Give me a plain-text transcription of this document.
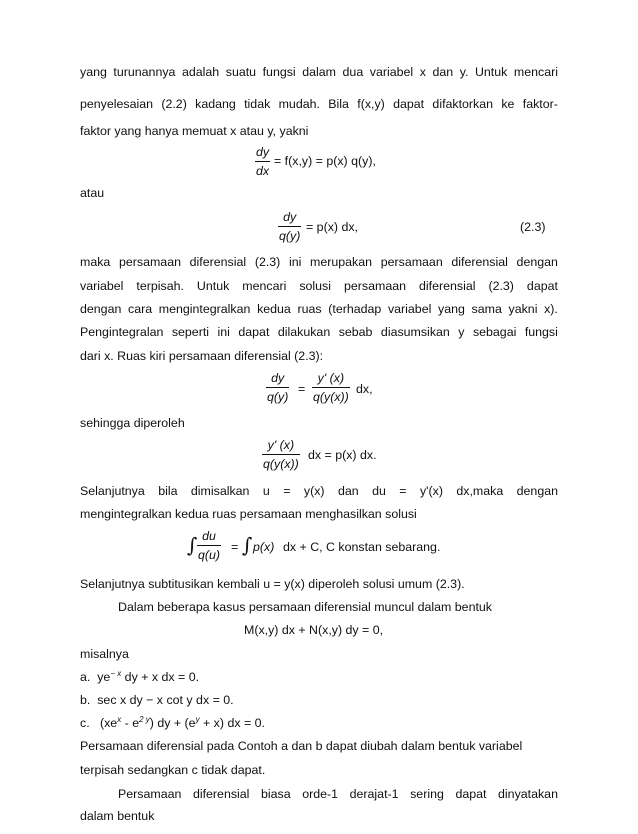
yang turunannya adalah suatu fungsi dalam dua variabel x dan y. Untuk mencari
penyelesaian (2.2) kadang tidak mudah. Bila f(x,y) dapat difaktorkan ke faktor-
faktor yang hanya memuat x atau y, yakni
dy
dx
= f(x,y) = p(x) q(y),
atau
dy
q(y)
= p(x) dx,	(2.3)
maka persamaan diferensial (2.3) ini merupakan persamaan diferensial dengan
variabel terpisah. Untuk mencari solusi persamaan diferensial (2.3) dapat
dengan cara mengintegralkan kedua ruas (terhadap variabel yang sama yakni x).
Pengintegralan seperti ini dapat dilakukan sebab diasumsikan y sebagai fungsi
dari x. Ruas kiri persamaan diferensial (2.3):
dy
q(y)
=
y' (x)
q(y(x))
dx,
sehingga diperoleh
y' (x)
q(y(x))
dx = p(x) dx.
Selanjutnya bila dimisalkan u = y(x) dan du = y'(x) dx,maka dengan
mengintegralkan kedua ruas persamaan menghasilkan solusi
∫ du
q(u)
= ∫ p(x) dx + C, C konstan sebarang.
Selanjutnya subtitusikan kembali u = y(x) diperoleh solusi umum (2.3).
Dalam beberapa kasus persamaan diferensial muncul dalam bentuk
M(x,y) dx + N(x,y) dy = 0,
misalnya
a. $ye^{- x}$ dy + x dx = 0.
b. sec x dy − x cot y dx = 0.
c. $(xe^x - e^{2 y})$ dy + $(e^y + x)$ dx = 0.
Persamaan diferensial pada Contoh a dan b dapat diubah dalam bentuk variabel
terpisah sedangkan c tidak dapat.
Persamaan diferensial biasa orde-1 derajat-1 sering dapat dinyatakan
dalam bentuk
